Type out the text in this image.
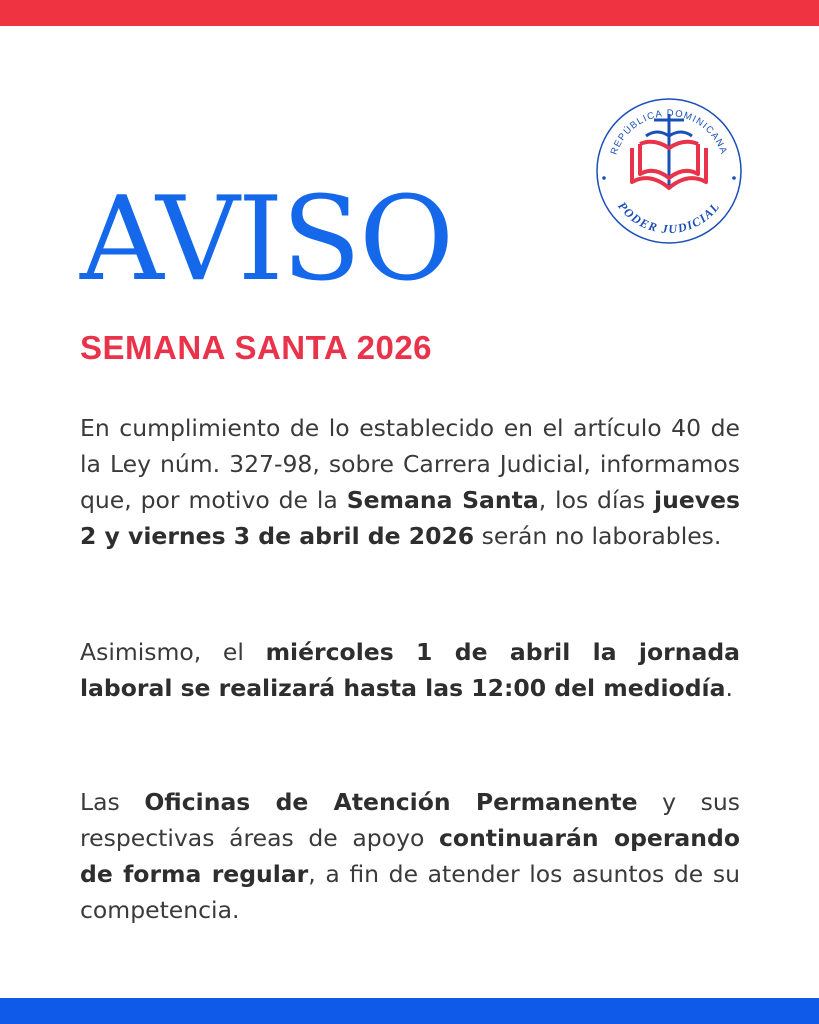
REPÚBLICA DOMINICANA
PODER JUDICIAL
AVISO
SEMANA SANTA 2026

En cumplimiento de lo establecido en el artículo 40 de la Ley núm. 327-98, sobre Carrera Judicial, informamos que, por motivo de la Semana Santa, los días jueves 2 y viernes 3 de abril de 2026 serán no laborables.

Asimismo, el miércoles 1 de abril la jornada laboral se realizará hasta las 12:00 del mediodía.

Las Oficinas de Atención Permanente y sus respectivas áreas de apoyo continuarán operando de forma regular, a fin de atender los asuntos de su competencia.
